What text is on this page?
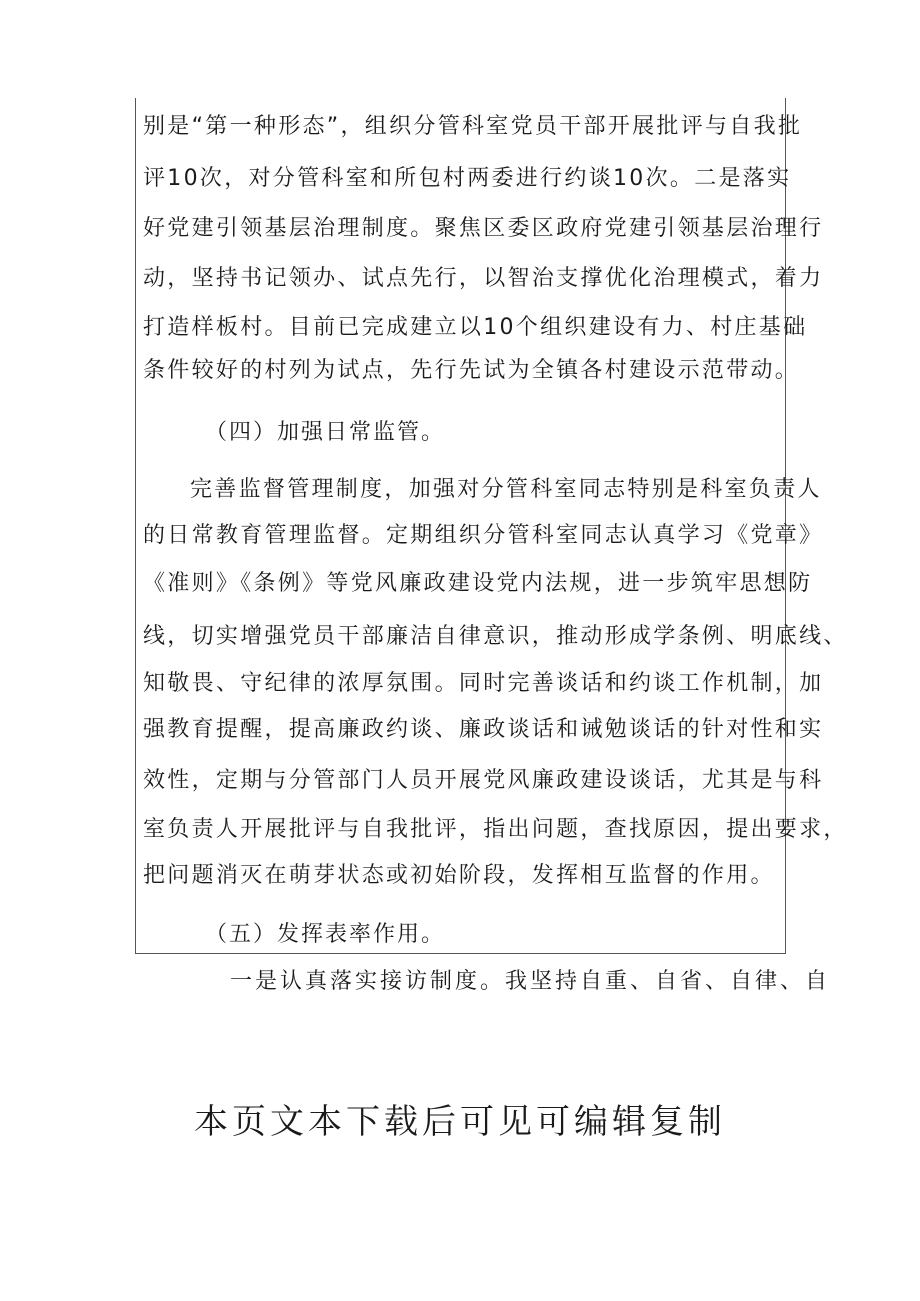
别是“第一种形态”，组织分管科室党员干部开展批评与自我批
评10次，对分管科室和所包村两委进行约谈10次。二是落实
好党建引领基层治理制度。聚焦区委区政府党建引领基层治理行
动，坚持书记领办、试点先行，以智治支撑优化治理模式，着力
打造样板村。目前已完成建立以10个组织建设有力、村庄基础
条件较好的村列为试点，先行先试为全镇各村建设示范带动。
（四）加强日常监管。
完善监督管理制度，加强对分管科室同志特别是科室负责人
的日常教育管理监督。定期组织分管科室同志认真学习《党章》
《准则》《条例》等党风廉政建设党内法规，进一步筑牢思想防
线，切实增强党员干部廉洁自律意识，推动形成学条例、明底线、
知敬畏、守纪律的浓厚氛围。同时完善谈话和约谈工作机制，加
强教育提醒，提高廉政约谈、廉政谈话和诫勉谈话的针对性和实
效性，定期与分管部门人员开展党风廉政建设谈话，尤其是与科
室负责人开展批评与自我批评，指出问题，查找原因，提出要求，
把问题消灭在萌芽状态或初始阶段，发挥相互监督的作用。
（五）发挥表率作用。
一是认真落实接访制度。我坚持自重、自省、自律、自
本页文本下载后可见可编辑复制
